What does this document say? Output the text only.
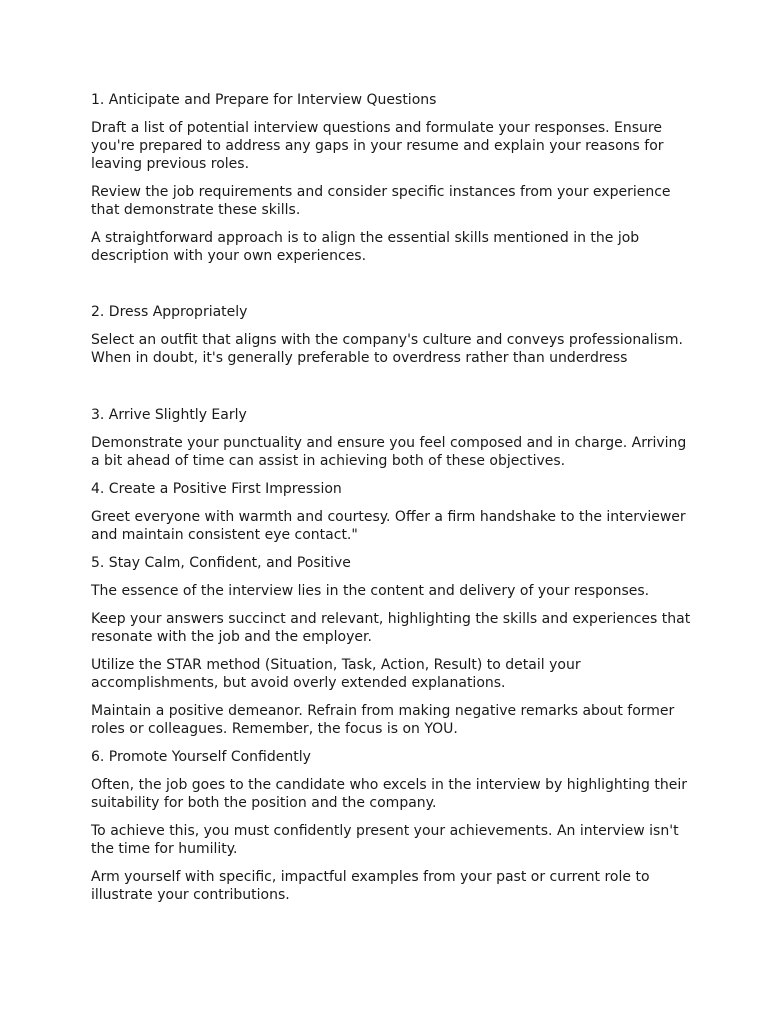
1. Anticipate and Prepare for Interview Questions

Draft a list of potential interview questions and formulate your responses. Ensure you're prepared to address any gaps in your resume and explain your reasons for leaving previous roles.

Review the job requirements and consider specific instances from your experience that demonstrate these skills.

A straightforward approach is to align the essential skills mentioned in the job description with your own experiences.

2. Dress Appropriately

Select an outfit that aligns with the company's culture and conveys professionalism. When in doubt, it's generally preferable to overdress rather than underdress

3. Arrive Slightly Early

Demonstrate your punctuality and ensure you feel composed and in charge. Arriving a bit ahead of time can assist in achieving both of these objectives.

4. Create a Positive First Impression

Greet everyone with warmth and courtesy. Offer a firm handshake to the interviewer and maintain consistent eye contact."

5. Stay Calm, Confident, and Positive

The essence of the interview lies in the content and delivery of your responses.

Keep your answers succinct and relevant, highlighting the skills and experiences that resonate with the job and the employer.

Utilize the STAR method (Situation, Task, Action, Result) to detail your accomplishments, but avoid overly extended explanations.

Maintain a positive demeanor. Refrain from making negative remarks about former roles or colleagues. Remember, the focus is on YOU.

6. Promote Yourself Confidently

Often, the job goes to the candidate who excels in the interview by highlighting their suitability for both the position and the company.

To achieve this, you must confidently present your achievements. An interview isn't the time for humility.

Arm yourself with specific, impactful examples from your past or current role to illustrate your contributions.
